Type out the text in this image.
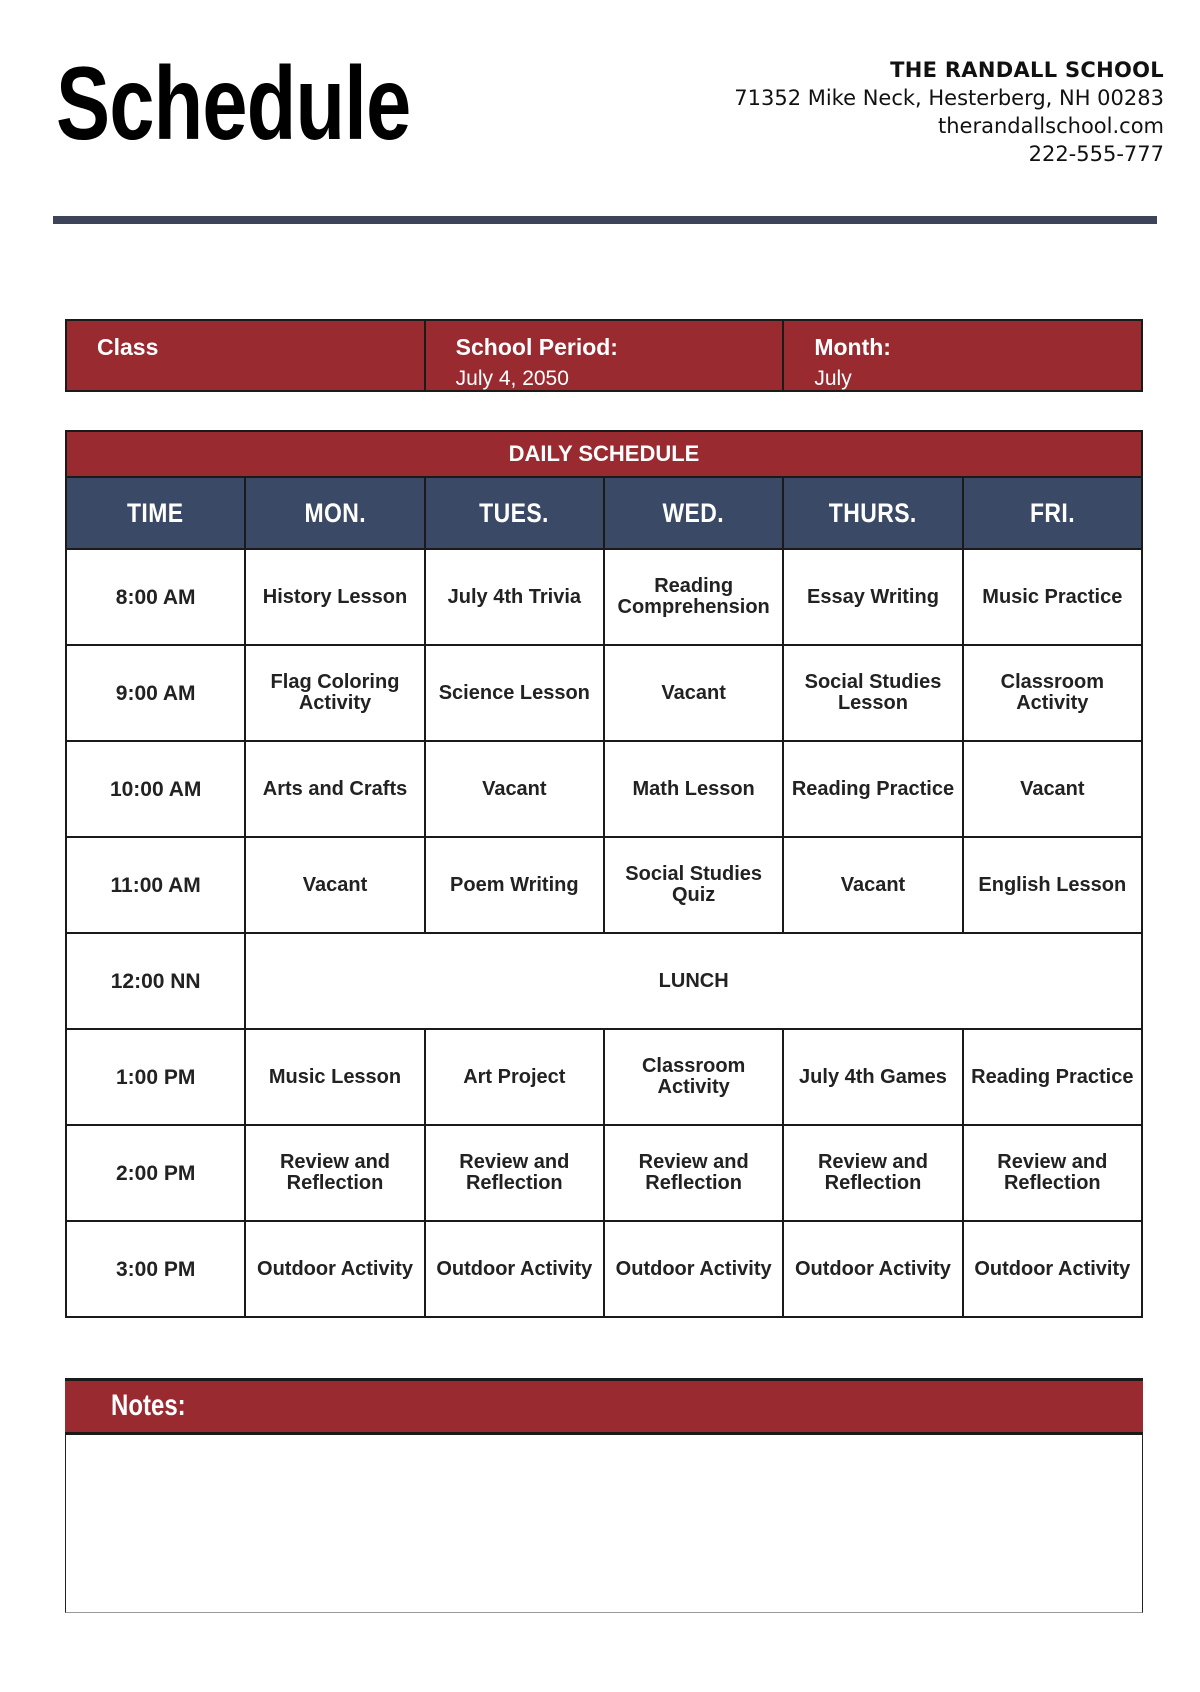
Schedule	THE RANDALL SCHOOL
71352 Mike Neck, Hesterberg, NH 00283
therandallschool.com
222-555-777
Class	School Period:
July 4, 2050
Month:
July
DAILY SCHEDULE					
TIME	MON.	TUES.	WED.	THURS.	FRI.
8:00 AM	History Lesson	July 4th Trivia	Reading Comprehension	Essay Writing	Music Practice
9:00 AM	Flag Coloring Activity	Science Lesson	Vacant	Social Studies Lesson	Classroom Activity
10:00 AM	Arts and Crafts	Vacant	Math Lesson	Reading Practice	Vacant
11:00 AM	Vacant	Poem Writing	Social Studies Quiz	Vacant	English Lesson
12:00 NN	LUNCH				
1:00 PM	Music Lesson	Art Project	Classroom Activity	July 4th Games	Reading Practice
2:00 PM	Review and Reflection	Review and Reflection	Review and Reflection	Review and Reflection	Review and Reflection
3:00 PM	Outdoor Activity	Outdoor Activity	Outdoor Activity	Outdoor Activity	Outdoor Activity
Notes:
